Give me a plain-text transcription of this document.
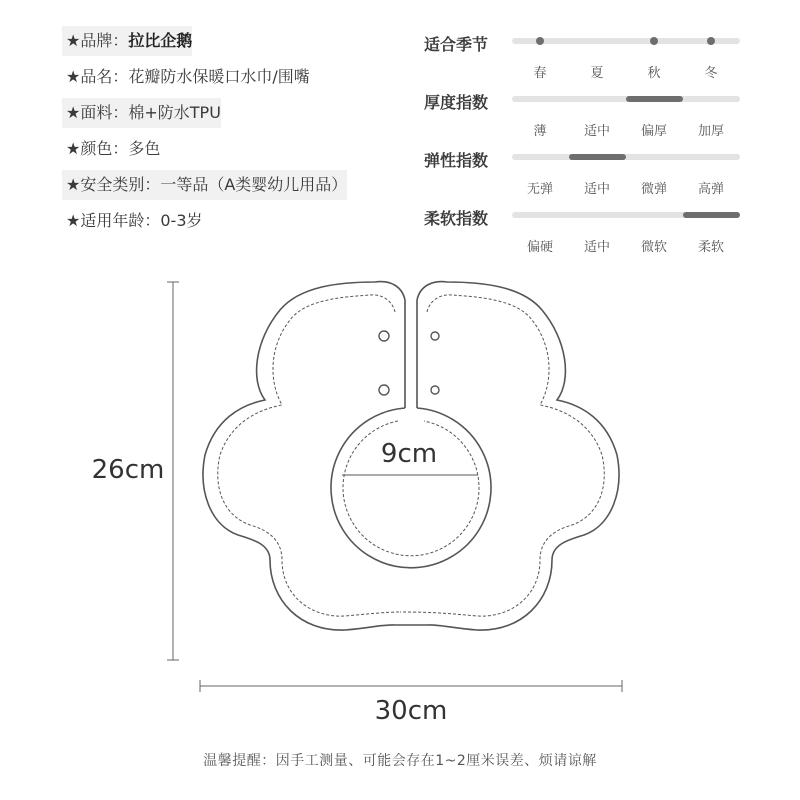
★品牌：拉比企鹅
★品名：花瓣防水保暖口水巾/围嘴
★面料：棉+防水TPU
★颜色：多色
★安全类别：一等品（A类婴幼儿用品）
★适用年龄：0-3岁
适合季节
春	夏	秋	冬
厚度指数
薄	适中	偏厚	加厚
弹性指数
无弹	适中	微弹	高弹
柔软指数
偏硬	适中	微软	柔软
26cm
30cm
9cm
温馨提醒：因手工测量、可能会存在1~2厘米误差、烦请谅解
